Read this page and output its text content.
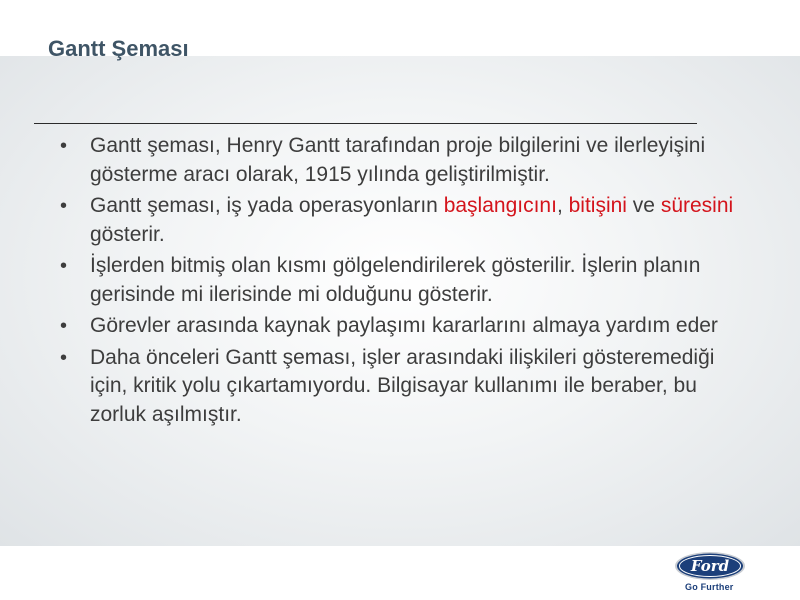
Gantt Şeması
• Gantt şeması, Henry Gantt tarafından proje bilgilerini ve ilerleyişini gösterme aracı olarak, 1915 yılında geliştirilmiştir.
• Gantt şeması, iş yada operasyonların başlangıcını, bitişini ve süresini gösterir.
• İşlerden bitmiş olan kısmı gölgelendirilerek gösterilir. İşlerin planın gerisinde mi ilerisinde mi olduğunu gösterir.
• Görevler arasında kaynak paylaşımı kararlarını almaya yardım eder
• Daha önceleri Gantt şeması, işler arasındaki ilişkileri gösteremediği için, kritik yolu çıkartamıyordu. Bilgisayar kullanımı ile beraber, bu zorluk aşılmıştır.
Ford
Go Further
